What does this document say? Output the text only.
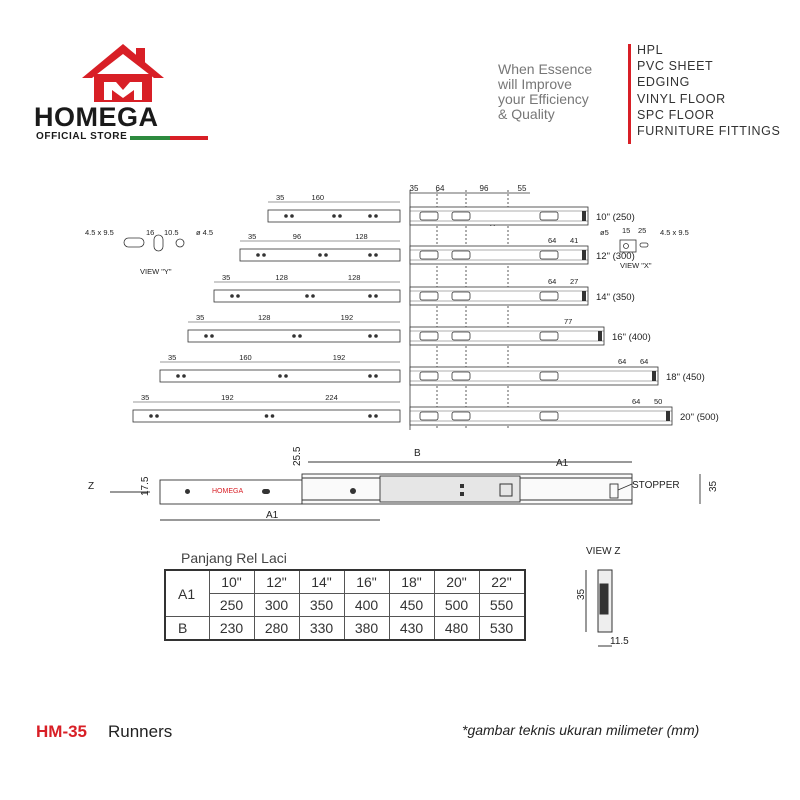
HOMEGA
OFFICIAL STORE
When Essence
will Improve
your Efficiency
& Quality
HPL
PVC SHEET
EDGING
VINYL FLOOR
SPC FLOOR
FURNITURE FITTINGS
35 64	96	55
4.5 x 9.5	16 10.5 ø 4.5
VIEW "Y"
ø5 15 25 4.5 x 9.5
VIEW "X"
35	160
10" (250)
35	96	128	64 41
12" (300)
35	128	128	64 27
14" (350)
35	128	192	77
16" (400)
35	160	192	64 64
18" (450)
35	192	224	64 50
20" (500)
HOMEGA
Z	17.5
25.5	B
A1
A1
STOPPER	35
Panjang Rel Laci
A1	10"	12"	14"	16"	18"	20"	22"
	250	300	350	400	450	500	550
B	230	280	330	380	430	480	530
VIEW Z
35
11.5
HM-35 Runners	*gambar teknis ukuran milimeter (mm)
